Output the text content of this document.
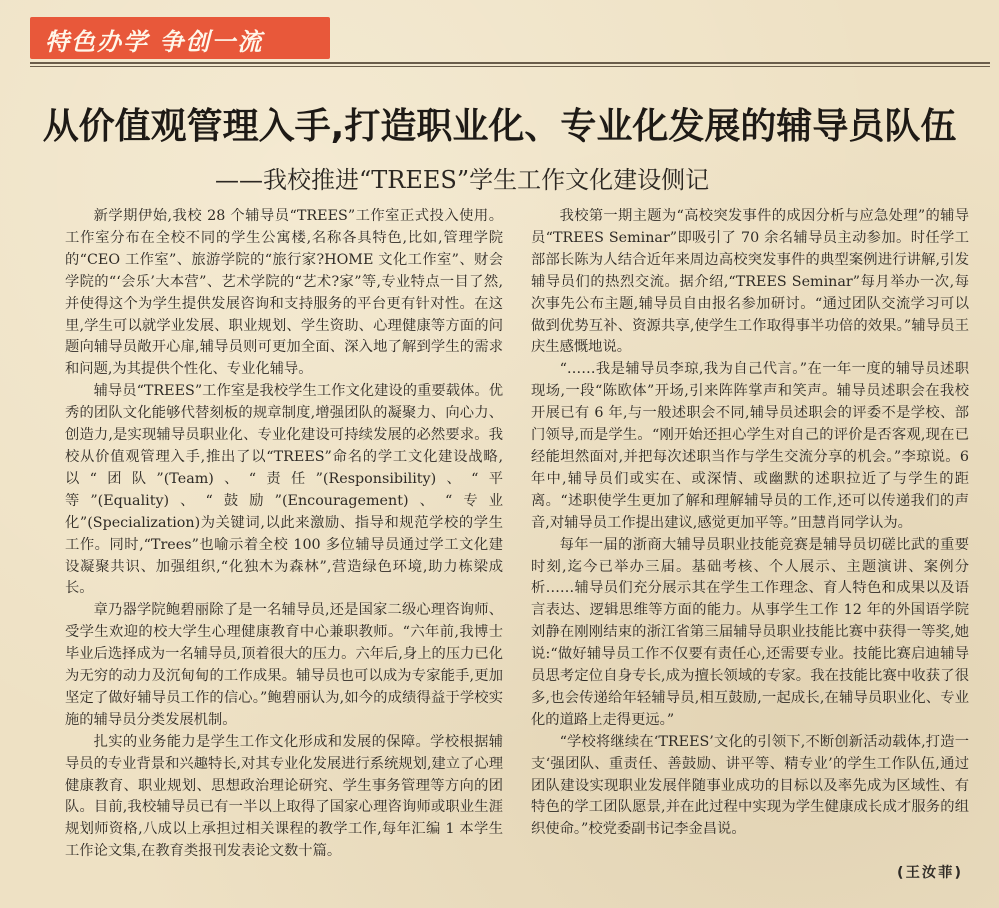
特色办学 争创一流
从价值观管理入手,打造职业化、专业化发展的辅导员队伍
——我校推进“TREES”学生工作文化建设侧记

新学期伊始,我校 28 个辅导员“TREES”工作室正式投入使用。工作室分布在全校不同的学生公寓楼,名称各具特色,比如,管理学院的“CEO 工作室”、旅游学院的“旅行家?HOME 文化工作室”、财会学院的“‘会乐’大本营”、艺术学院的“艺术?家”等,专业特点一目了然,并使得这个为学生提供发展咨询和支持服务的平台更有针对性。在这里,学生可以就学业发展、职业规划、学生资助、心理健康等方面的问题向辅导员敞开心扉,辅导员则可更加全面、深入地了解到学生的需求和问题,为其提供个性化、专业化辅导。

辅导员“TREES”工作室是我校学生工作文化建设的重要载体。优秀的团队文化能够代替刻板的规章制度,增强团队的凝聚力、向心力、创造力,是实现辅导员职业化、专业化建设可持续发展的必然要求。我校从价值观管理入手,推出了以“TREES”命名的学工文化建设战略,以“团队”(Team)、“责任”(Responsibility)、“平等”(Equality)、“鼓励”(Encouragement)、“专业化”(Specialization)为关键词,以此来激励、指导和规范学校的学生工作。同时,“Trees”也喻示着全校 100 多位辅导员通过学工文化建设凝聚共识、加强组织,“化独木为森林”,营造绿色环境,助力栋梁成长。

章乃器学院鲍碧丽除了是一名辅导员,还是国家二级心理咨询师、受学生欢迎的校大学生心理健康教育中心兼职教师。“六年前,我博士毕业后选择成为一名辅导员,顶着很大的压力。六年后,身上的压力已化为无穷的动力及沉甸甸的工作成果。辅导员也可以成为专家能手,更加坚定了做好辅导员工作的信心。”鲍碧丽认为,如今的成绩得益于学校实施的辅导员分类发展机制。

扎实的业务能力是学生工作文化形成和发展的保障。学校根据辅导员的专业背景和兴趣特长,对其专业化发展进行系统规划,建立了心理健康教育、职业规划、思想政治理论研究、学生事务管理等方向的团队。目前,我校辅导员已有一半以上取得了国家心理咨询师或职业生涯规划师资格,八成以上承担过相关课程的教学工作,每年汇编 1 本学生工作论文集,在教育类报刊发表论文数十篇。

我校第一期主题为“高校突发事件的成因分析与应急处理”的辅导员“TREES Seminar”即吸引了 70 余名辅导员主动参加。时任学工部部长陈为人结合近年来周边高校突发事件的典型案例进行讲解,引发辅导员们的热烈交流。据介绍,“TREES Seminar”每月举办一次,每次事先公布主题,辅导员自由报名参加研讨。“通过团队交流学习可以做到优势互补、资源共享,使学生工作取得事半功倍的效果。”辅导员王庆生感慨地说。

“……我是辅导员李琼,我为自己代言。”在一年一度的辅导员述职现场,一段“陈欧体”开场,引来阵阵掌声和笑声。辅导员述职会在我校开展已有 6 年,与一般述职会不同,辅导员述职会的评委不是学校、部门领导,而是学生。“刚开始还担心学生对自己的评价是否客观,现在已经能坦然面对,并把每次述职当作与学生交流分享的机会。”李琼说。6 年中,辅导员们或实在、或深情、或幽默的述职拉近了与学生的距离。“述职使学生更加了解和理解辅导员的工作,还可以传递我们的声音,对辅导员工作提出建议,感觉更加平等。”田慧肖同学认为。

每年一届的浙商大辅导员职业技能竞赛是辅导员切磋比武的重要时刻,迄今已举办三届。基础考核、个人展示、主题演讲、案例分析……辅导员们充分展示其在学生工作理念、育人特色和成果以及语言表达、逻辑思维等方面的能力。从事学生工作 12 年的外国语学院刘静在刚刚结束的浙江省第三届辅导员职业技能比赛中获得一等奖,她说:“做好辅导员工作不仅要有责任心,还需要专业。技能比赛启迪辅导员思考定位自身专长,成为擅长领域的专家。我在技能比赛中收获了很多,也会传递给年轻辅导员,相互鼓励,一起成长,在辅导员职业化、专业化的道路上走得更远。”

“学校将继续在‘TREES’文化的引领下,不断创新活动载体,打造一支‘强团队、重责任、善鼓励、讲平等、精专业’的学生工作队伍,通过团队建设实现职业发展伴随事业成功的目标以及率先成为区域性、有特色的学工团队愿景,并在此过程中实现为学生健康成长成才服务的组织使命。”校党委副书记李金昌说。

(王汝菲)
